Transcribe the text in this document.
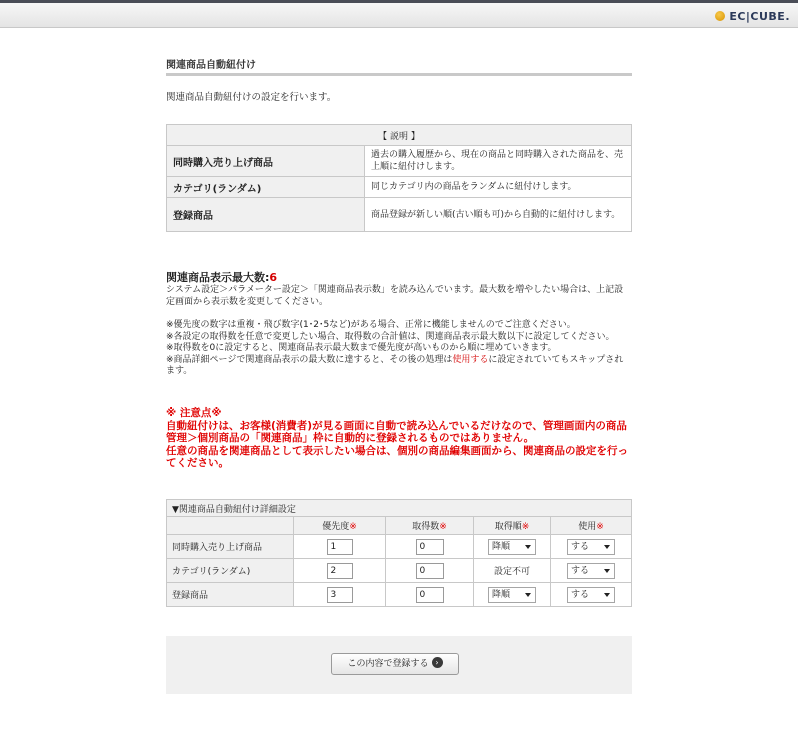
EC|CUBE.
関連商品自動紐付け
関連商品自動紐付けの設定を行います。
【 説明 】	
同時購入売り上げ商品	過去の購入履歴から、現在の商品と同時購入された商品を、売上順に紐付けします。
カテゴリ(ランダム)	同じカテゴリ内の商品をランダムに紐付けします。
登録商品	商品登録が新しい順(古い順も可)から自動的に紐付けします。
関連商品表示最大数:6
システム設定＞パラメーター設定＞「関連商品表示数」を読み込んでいます。最大数を増やしたい場合は、上記設定画面から表示数を変更してください。
※優先度の数字は重複・飛び数字(1･2･5など)がある場合、正常に機能しませんのでご注意ください。
※各設定の取得数を任意で変更したい場合、取得数の合計値は、関連商品表示最大数以下に設定してください。
※取得数を0に設定すると、関連商品表示最大数まで優先度が高いものから順に埋めていきます。
※商品詳細ページで関連商品表示の最大数に達すると、その後の処理は使用するに設定されていてもスキップされます。
※ 注意点※
自動紐付けは、お客様(消費者)が見る画面に自動で読み込んでいるだけなので、管理画面内の商品管理＞個別商品の「関連商品」枠に自動的に登録されるものではありません。
任意の商品を関連商品として表示したい場合は、個別の商品編集画面から、関連商品の設定を行ってください。
▼関連商品自動紐付け詳細設定				
	優先度※	取得数※	取得順※	使用※
同時購入売り上げ商品	1	0	降順	する

カテゴリ(ランダム)	2	0	設定不可	する

登録商品	3	0	降順	する
この内容で登録する ›
